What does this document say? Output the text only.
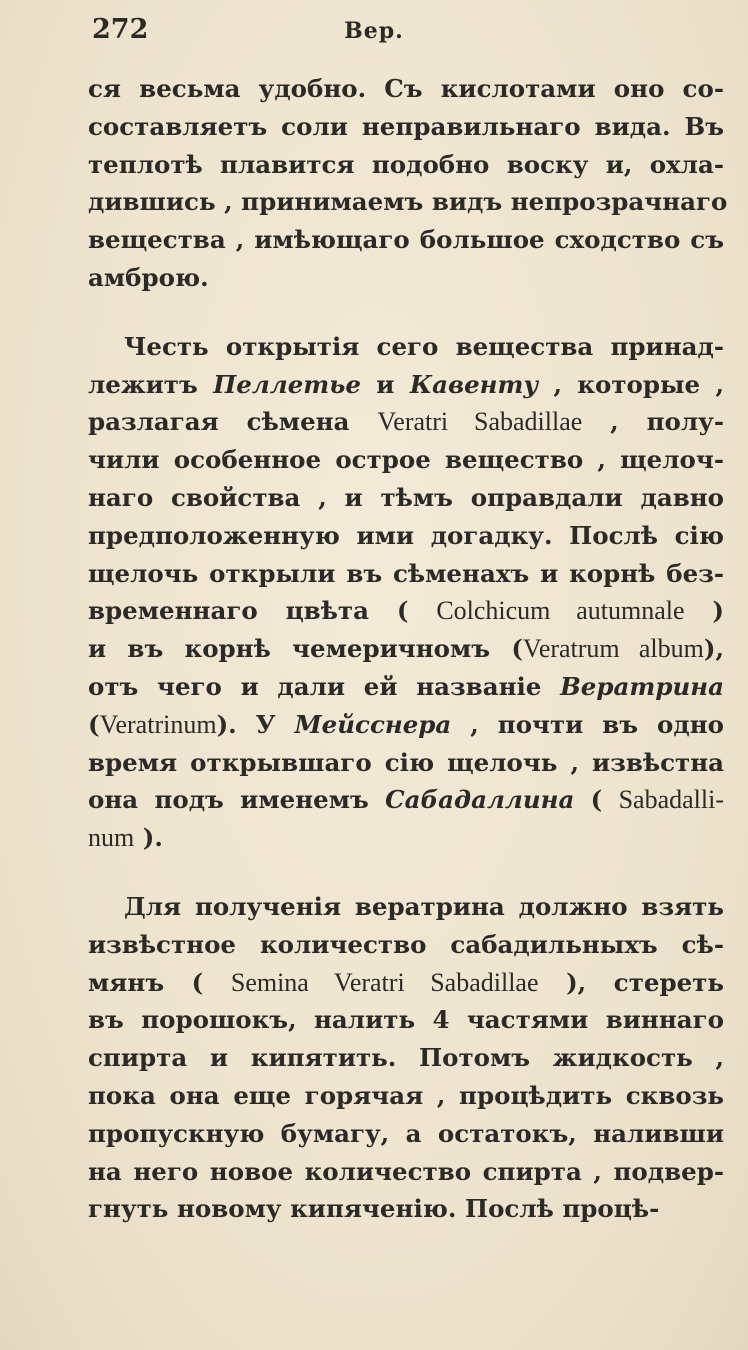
272	Вер.
ся весьма удобно. Съ кислотами оно со-
составляетъ соли неправильнаго вида. Въ
теплотѣ плавится подобно воску и, охла-
дившись , принимаемъ видъ непрозрачнаго
вещества , имѣющаго большое сходство съ
амброю.
Честь открытія сего вещества принад-
лежитъ Пеллетье и Кавенту , которые ,
разлагая сѣмена Veratri Sabadillae , полу-
чили особенное острое вещество , щелоч-
наго свойства , и тѣмъ оправдали давно
предположенную ими догадку. Послѣ сію
щелочь открыли въ сѣменахъ и корнѣ без-
временнаго цвѣта ( Colchicum autumnale )
и въ корнѣ чемеричномъ (Veratrum album),
отъ чего и дали ей названіе Вератрина
(Veratrinum). У Мейсснера , почти въ одно
время открывшаго сію щелочь , извѣстна
она подъ именемъ Сабадаллина ( Sabadalli-
num ).
Для полученія вератрина должно взять
извѣстное количество сабадильныхъ сѣ-
мянъ ( Semina Veratri Sabadillae ), стереть
въ порошокъ, налить 4 частями виннаго
спирта и кипятить. Потомъ жидкость ,
пока она еще горячая , процѣдить сквозь
пропускную бумагу, а остатокъ, наливши
на него новое количество спирта , подвер-
гнуть новому кипяченію. Послѣ процѣ-
